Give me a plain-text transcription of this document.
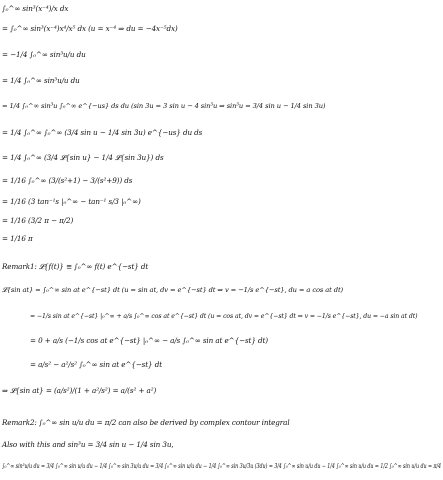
∫₀^∞ sin³(x⁻⁴)/x dx
= ∫₀^∞ sin³(x⁻⁴)x⁴/x⁵ dx (u = x⁻⁴ ⇒ du = −4x⁻⁵dx)
= −1/4 ∫₀^∞ sin³u/u du
= 1/4 ∫₀^∞ sin³u/u du
= 1/4 ∫₀^∞ sin³u ∫₀^∞ e^{−us} ds du (sin 3u = 3 sin u − 4 sin³u ⇒ sin³u = 3/4 sin u − 1/4 sin 3u)
= 1/4 ∫₀^∞ ∫₀^∞ (3/4 sin u − 1/4 sin 3u) e^{−us} du ds
= 1/4 ∫₀^∞ (3/4 𝓛{sin u} − 1/4 𝓛{sin 3u}) ds
= 1/16 ∫₀^∞ (3/(s²+1) − 3/(s²+9)) ds
= 1/16 (3 tan⁻¹s |₀^∞ − tan⁻¹ s/3 |₀^∞)
= 1/16 (3/2 π − π/2)
= 1/16 π
Remark1: 𝓛{f(t)} ≡ ∫₀^∞ f(t) e^{−st} dt
𝓛{sin at} = ∫₀^∞ sin at e^{−st} dt (u = sin at, dv = e^{−st} dt ⇒ v = −1/s e^{−st}, du = a cos at dt)
= −1/s sin at e^{−st} |₀^∞ + a/s ∫₀^∞ cos at e^{−st} dt (u = cos at, dv = e^{−st} dt ⇒ v = −1/s e^{−st}, du = −a sin at dt)
= 0 + a/s (−1/s cos at e^{−st} |₀^∞ − a/s ∫₀^∞ sin at e^{−st} dt)
= a/s² − a²/s² ∫₀^∞ sin at e^{−st} dt
⇒ 𝓛{sin at} = (a/s²)/(1 + a²/s²) = a/(s² + a²)
Remark2: ∫₀^∞ sin u/u du = π/2 can also be derived by complex contour integral
Also with this and sin³u = 3/4 sin u − 1/4 sin 3u,
∫₀^∞ sin³u/u du = 3/4 ∫₀^∞ sin u/u du − 1/4 ∫₀^∞ sin 3u/u du = 3/4 ∫₀^∞ sin u/u du − 1/4 ∫₀^∞ sin 3u/3u (3du) = 3/4 ∫₀^∞ sin u/u du − 1/4 ∫₀^∞ sin u/u du = 1/2 ∫₀^∞ sin u/u du = π/4
